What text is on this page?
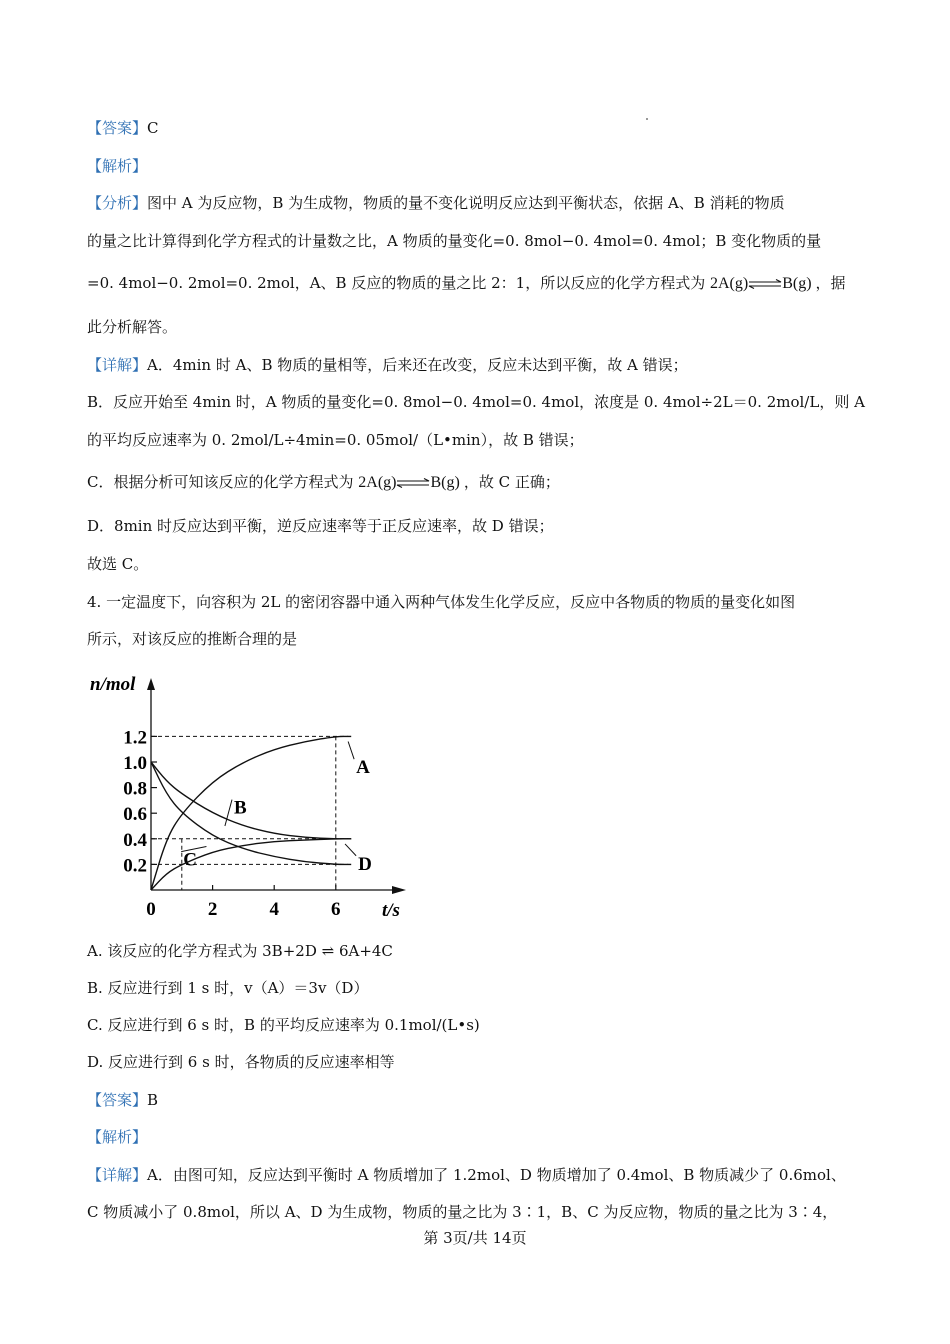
【答案】C
【解析】
【分析】图中 A 为反应物，B 为生成物，物质的量不变化说明反应达到平衡状态，依据 A、B 消耗的物质
的量之比计算得到化学方程式的计量数之比，A 物质的量变化=0. 8mol−0. 4mol=0. 4mol；B 变化物质的量
=0. 4mol−0. 2mol=0. 2mol，A、B 反应的物质的量之比 2：1，所以反应的化学方程式为 2A(g)⇌B(g) ，据
此分析解答。
【详解】A．4min 时 A、B 物质的量相等，后来还在改变，反应未达到平衡，故 A 错误；
B．反应开始至 4min 时，A 物质的量变化=0. 8mol−0. 4mol=0. 4mol，浓度是 0. 4mol÷2L＝0. 2mol/L，则 A
的平均反应速率为 0. 2mol/L÷4min=0. 05mol/（L•min），故 B 错误；
C．根据分析可知该反应的化学方程式为 2A(g)⇌B(g) ，故 C 正确；
D．8min 时反应达到平衡，逆反应速率等于正反应速率，故 D 错误；
故选 C。
4. 一定温度下，向容积为 2L 的密闭容器中通入两种气体发生化学反应，反应中各物质的物质的量变化如图
所示，对该反应的推断合理的是
0.2
0.4
0.6
0.8
1.0
1.2
0	2	4	6
A
B
C	D
n/mol
t/s
A. 该反应的化学方程式为 3B+2D ⇌ 6A+4C
B. 反应进行到 1 s 时，v（A）＝3v（D）
C. 反应进行到 6 s 时，B 的平均反应速率为 0.1mol/(L•s)
D. 反应进行到 6 s 时，各物质的反应速率相等
【答案】B
【解析】
【详解】A．由图可知，反应达到平衡时 A 物质增加了 1.2mol、D 物质增加了 0.4mol、B 物质减少了 0.6mol、
C 物质减小了 0.8mol，所以 A、D 为生成物，物质的量之比为 3∶1，B、C 为反应物，物质的量之比为 3∶4，
第 3页/共 14页
